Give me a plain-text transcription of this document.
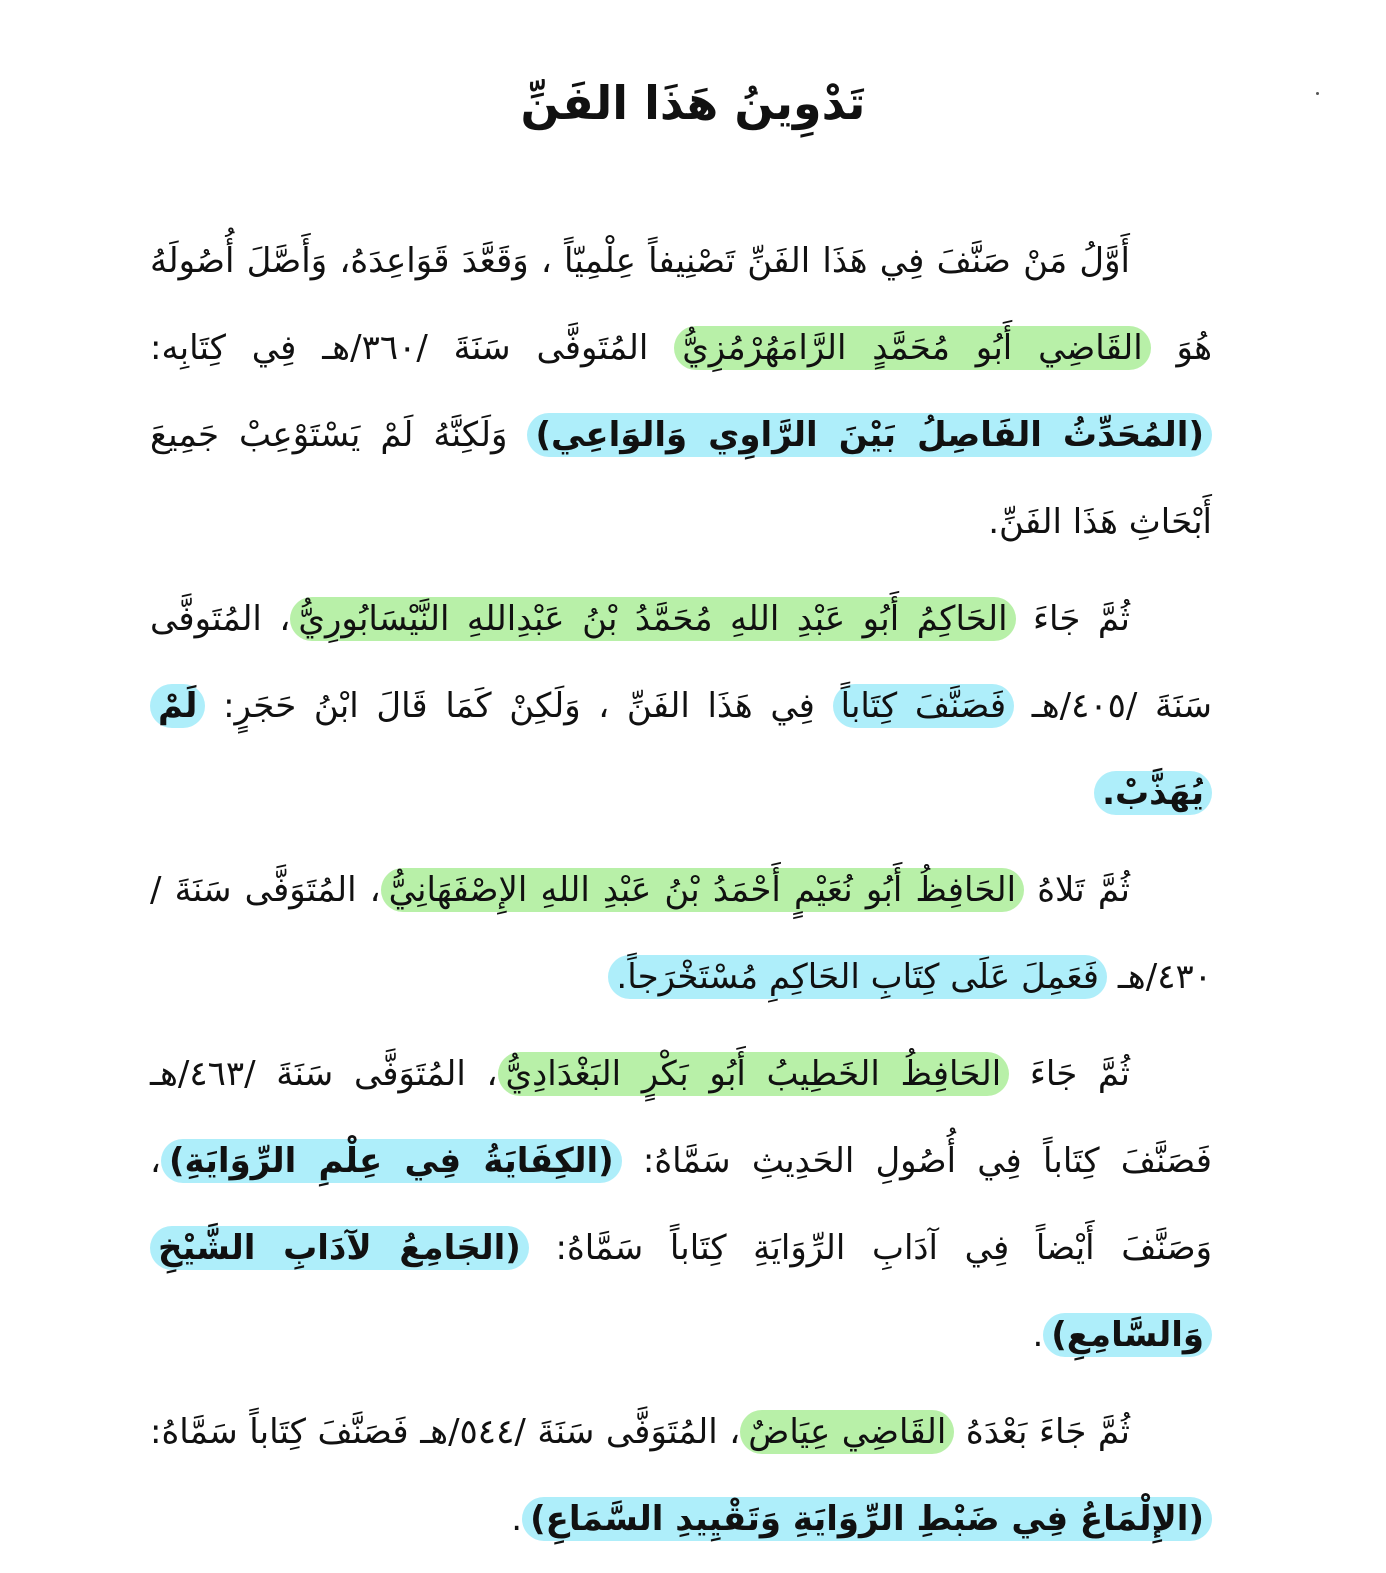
تَدْوِينُ هَذَا الفَنِّ

أَوَّلُ مَنْ صَنَّفَ فِي هَذَا الفَنِّ تَصْنِيفاً عِلْمِيّاً ، وَقَعَّدَ قَوَاعِدَهُ، وَأَصَّلَ أُصُولَهُ هُوَ القَاضِي أَبُو مُحَمَّدٍ الرَّامَهُرْمُزِيُّ المُتَوفَّى سَنَةَ /٣٦٠/هـ فِي كِتَابِه: (المُحَدِّثُ الفَاصِلُ بَيْنَ الرَّاوِي وَالوَاعِي) وَلَكِنَّهُ لَمْ يَسْتَوْعِبْ جَمِيعَ أَبْحَاثِ هَذَا الفَنِّ.

ثُمَّ جَاءَ الحَاكِمُ أَبُو عَبْدِ اللهِ مُحَمَّدُ بْنُ عَبْدِاللهِ النَّيْسَابُورِيُّ، المُتَوفَّى سَنَةَ /٤٠٥/هـ فَصَنَّفَ كِتَاباً فِي هَذَا الفَنِّ ، وَلَكِنْ كَمَا قَالَ ابْنُ حَجَرٍ: لَمْ يُهَذَّبْ.

ثُمَّ تَلاهُ الحَافِظُ أَبُو نُعَيْمٍ أَحْمَدُ بْنُ عَبْدِ اللهِ الإِصْفَهَانِيُّ، المُتَوَفَّى سَنَةَ /٤٣٠/هـ فَعَمِلَ عَلَى كِتَابِ الحَاكِمِ مُسْتَخْرَجاً.

ثُمَّ جَاءَ الحَافِظُ الخَطِيبُ أَبُو بَكْرٍ البَغْدَادِيُّ، المُتَوَفَّى سَنَةَ /٤٦٣/هـ فَصَنَّفَ كِتَاباً فِي أُصُولِ الحَدِيثِ سَمَّاهُ: (الكِفَايَةُ فِي عِلْمِ الرِّوَايَةِ)، وَصَنَّفَ أَيْضاً فِي آدَابِ الرِّوَايَةِ كِتَاباً سَمَّاهُ: (الجَامِعُ لآدَابِ الشَّيْخِ وَالسَّامِعِ).

ثُمَّ جَاءَ بَعْدَهُ القَاضِي عِيَاضٌ، المُتَوَفَّى سَنَةَ /٥٤٤/هـ فَصَنَّفَ كِتَاباً سَمَّاهُ: (الإِلْمَاعُ فِي ضَبْطِ الرِّوَايَةِ وَتَقْيِيدِ السَّمَاعِ).
